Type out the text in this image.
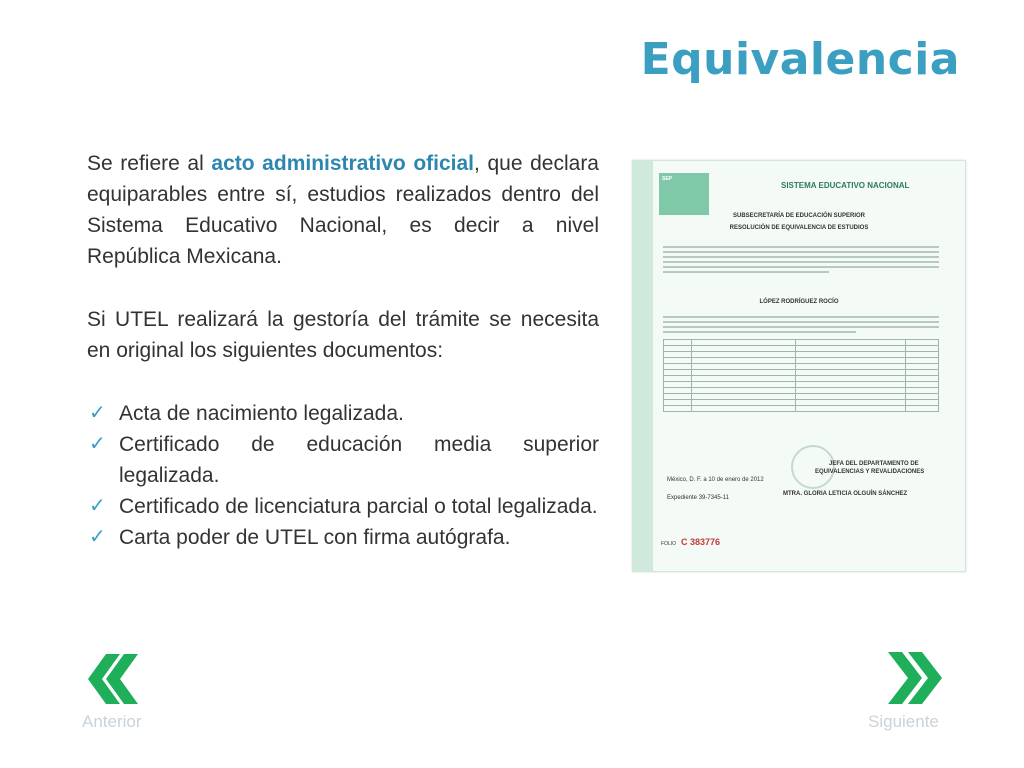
Equivalencia

Se refiere al acto administrativo oficial, que declara equiparables entre sí, estudios realizados dentro del Sistema Educativo Nacional, es decir a nivel República Mexicana.

Si UTEL realizará la gestoría del trámite se necesita en original los siguientes documentos:

✓ Acta de nacimiento legalizada.
✓ Certificado de educación media superior legalizada.
✓ Certificado de licenciatura parcial o total legalizada.
✓ Carta poder de UTEL con firma autógrafa.
SEP
SISTEMA EDUCATIVO NACIONAL
SUBSECRETARÍA DE EDUCACIÓN SUPERIOR
RESOLUCIÓN DE EQUIVALENCIA DE ESTUDIOS
LÓPEZ RODRÍGUEZ ROCÍO

JEFA DEL DEPARTAMENTO DE
EQUIVALENCIAS Y REVALIDACIONES
México, D. F. a 10 de enero de 2012
Expediente 39-7345-11
MTRA. GLORIA LETICIA OLGUÍN SÁNCHEZ
FOLIO C 383776
Anterior	Siguiente
